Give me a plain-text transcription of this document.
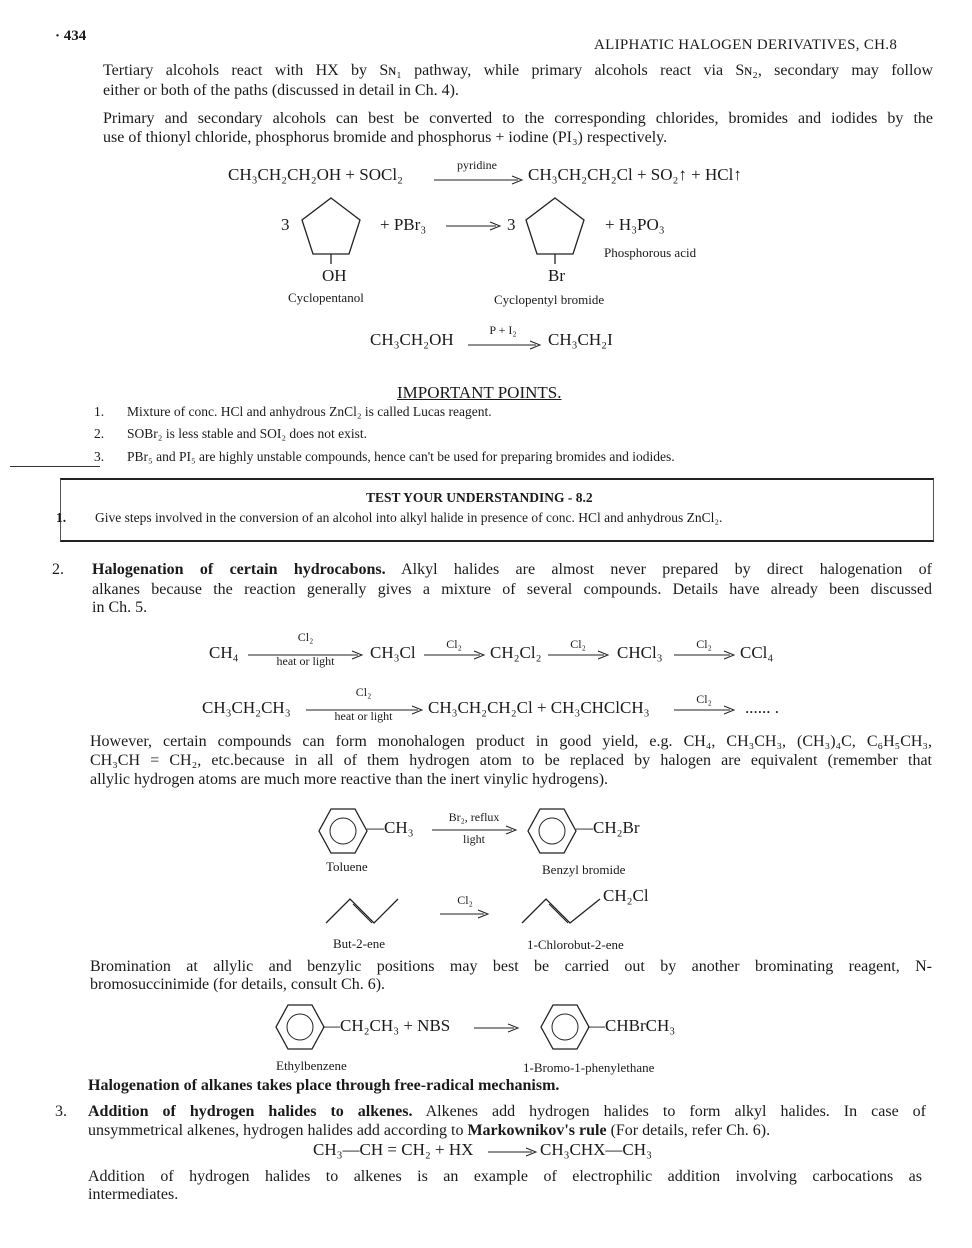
· 434
ALIPHATIC HALOGEN DERIVATIVES, CH.8
Tertiary alcohols react with HX by Sɴ₁ pathway, while primary alcohols react via Sɴ₂, secondary may follow
either or both of the paths (discussed in detail in Ch. 4).
Primary and secondary alcohols can best be converted to the corresponding chlorides, bromides and iodides by the
use of thionyl chloride, phosphorus bromide and phosphorus + iodine (PI₃) respectively.
CH₃CH₂CH₂OH + SOCl₂	pyridine	CH₃CH₂CH₂Cl + SO₂↑ + HCl↑
3
OH
+ PBr₃ → 3
Br
+ H₃PO₃
Phosphorous acid
Cyclopentanol	Cyclopentyl bromide
CH₃CH₂OH	P + I₂	CH₃CH₂I
IMPORTANT POINTS.
1. Mixture of conc. HCl and anhydrous ZnCl₂ is called Lucas reagent.
2. SOBr₂ is less stable and SOI₂ does not exist.
3. PBr₅ and PI₅ are highly unstable compounds, hence can't be used for preparing bromides and iodides.
TEST YOUR UNDERSTANDING - 8.2
1. Give steps involved in the conversion of an alcohol into alkyl halide in presence of conc. HCl and anhydrous ZnCl₂.
2. Halogenation of certain hydrocabons. Alkyl halides are almost never prepared by direct halogenation of
alkanes because the reaction generally gives a mixture of several compounds. Details have already been discussed
in Ch. 5.
CH₄
Cl₂
heat or light	CH₃Cl	Cl₂ → CH₂Cl₂	Cl₂ → CHCl₃	Cl₂ → CCl₄
CH₃CH₂CH₃
Cl₂
heat or light	CH₃CH₂CH₂Cl + CH₃CHClCH₃	Cl₂ → ...... .
However, certain compounds can form monohalogen product in good yield, e.g. CH₄, CH₃CH₃, (CH₃)₄C, C₆H₅CH₃,
CH₃CH = CH₂, etc.because in all of them hydrogen atom to be replaced by halogen are equivalent (remember that
allylic hydrogen atoms are much more reactive than the inert vinylic hydrogens).
—CH₃
Br₂, reflux
light
—CH₂Br
Toluene	Benzyl bromide
Cl₂	CH₂Cl
But-2-ene	1-Chlorobut-2-ene
Bromination at allylic and benzylic positions may best be carried out by another brominating reagent, N-
bromosuccinimide (for details, consult Ch. 6).
—CH₂CH₃ + NBS →	—CHBrCH₃
Ethylbenzene	1-Bromo-1-phenylethane
Halogenation of alkanes takes place through free-radical mechanism.
3. Addition of hydrogen halides to alkenes. Alkenes add hydrogen halides to form alkyl halides. In case of
unsymmetrical alkenes, hydrogen halides add according to Markownikov's rule (For details, refer Ch. 6).
CH₃—CH = CH₂ + HX → CH₃CHX—CH₃
Addition of hydrogen halides to alkenes is an example of electrophilic addition involving carbocations as
intermediates.
